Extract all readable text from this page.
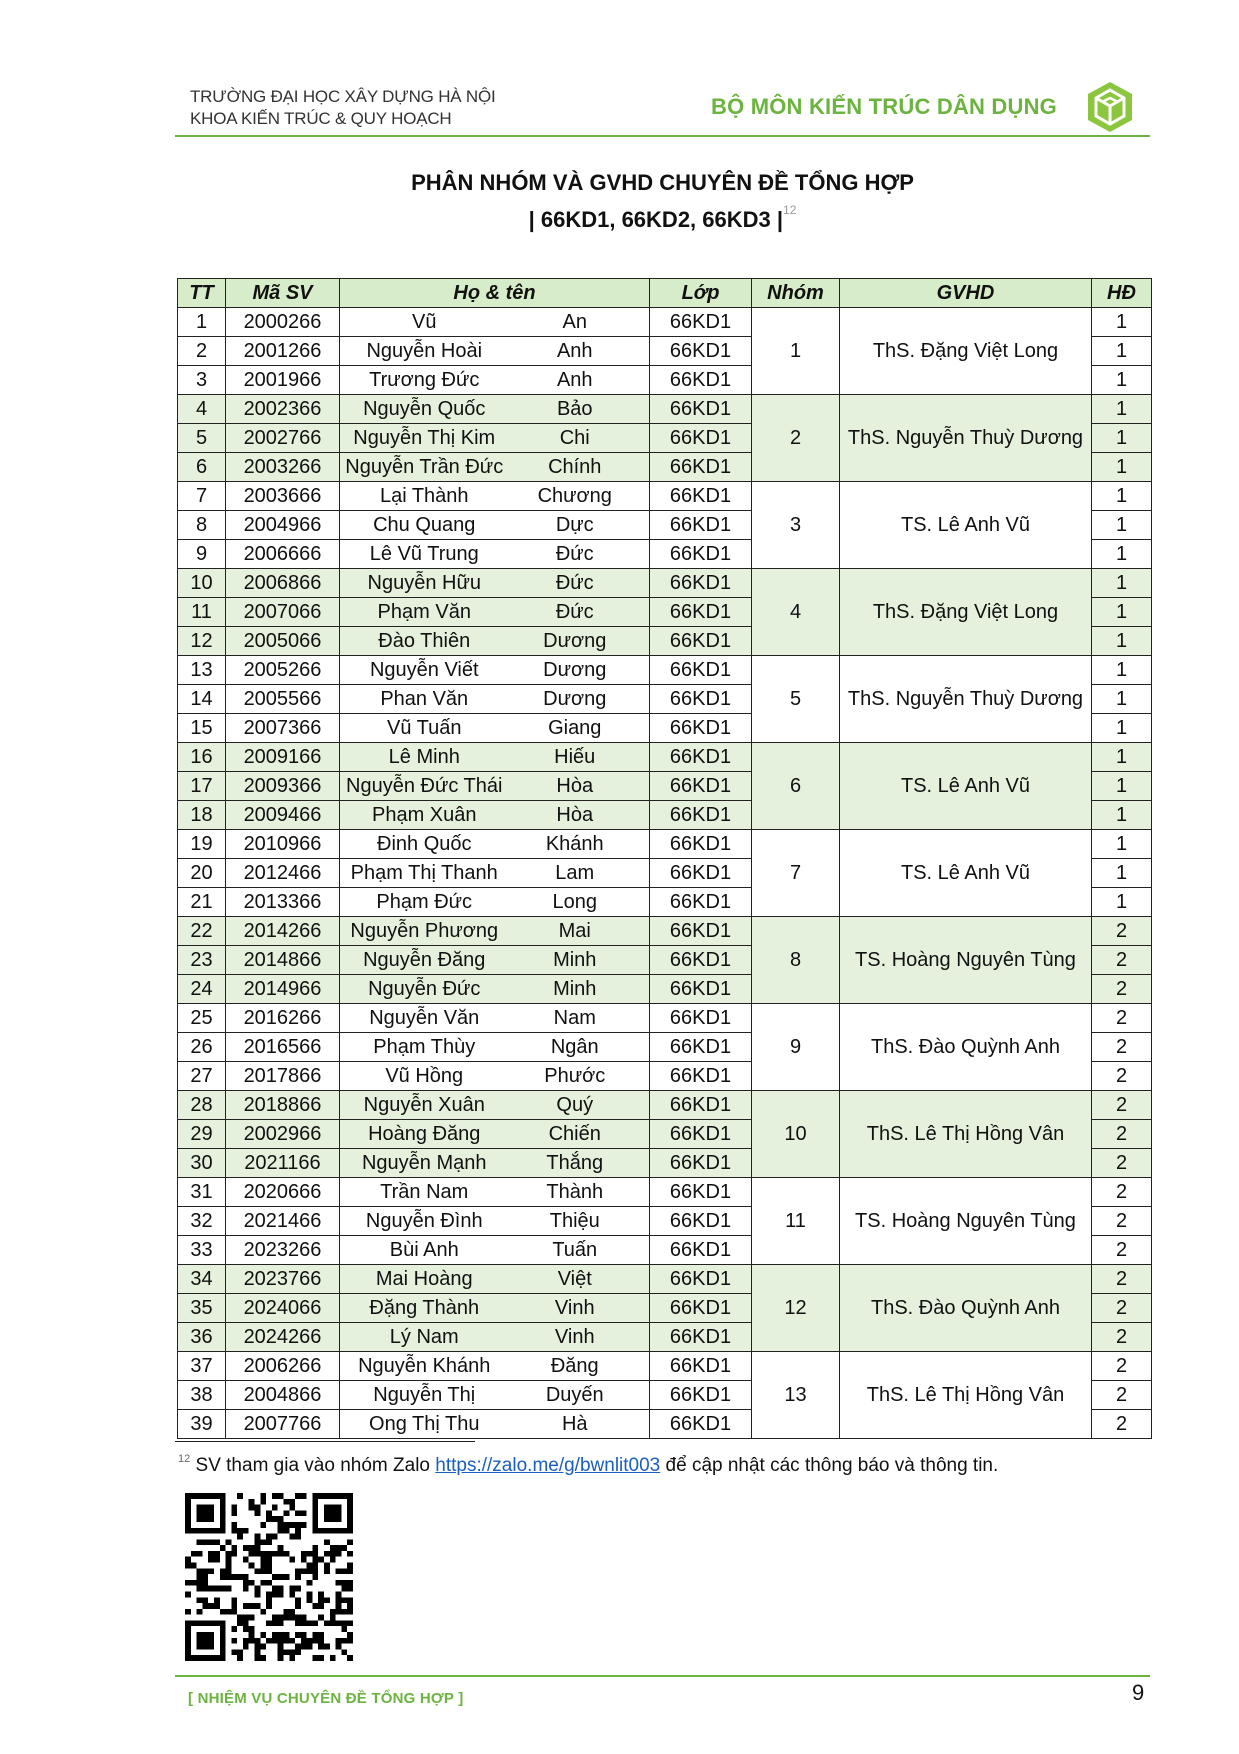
TRƯỜNG ĐẠI HỌC XÂY DỰNG HÀ NỘI
KHOA KIẾN TRÚC & QUY HOẠCH	BỘ MÔN KIẾN TRÚC DÂN DỤNG
PHÂN NHÓM VÀ GVHD CHUYÊN ĐỀ TỔNG HỢP
| 66KD1, 66KD2, 66KD3 $|^{12}$
TT	Mã SV	Họ & tên		Lớp	Nhóm	GVHD	HĐ
1	2000266	Vũ	An	66KD1	1	ThS. Đặng Việt Long	1
2	2001266	Nguyễn Hoài	Anh	66KD1			1
3	2001966	Trương Đức	Anh	66KD1			1
4	2002366	Nguyễn Quốc	Bảo	66KD1	2	ThS. Nguyễn Thuỳ Dương	1
5	2002766	Nguyễn Thị Kim	Chi	66KD1			1
6	2003266	Nguyễn Trần Đức	Chính	66KD1			1
7	2003666	Lại Thành	Chương	66KD1	3	TS. Lê Anh Vũ	1
8	2004966	Chu Quang	Dực	66KD1			1
9	2006666	Lê Vũ Trung	Đức	66KD1			1
10	2006866	Nguyễn Hữu	Đức	66KD1	4	ThS. Đặng Việt Long	1
11	2007066	Phạm Văn	Đức	66KD1			1
12	2005066	Đào Thiên	Dương	66KD1			1
13	2005266	Nguyễn Viết	Dương	66KD1	5	ThS. Nguyễn Thuỳ Dương	1
14	2005566	Phan Văn	Dương	66KD1			1
15	2007366	Vũ Tuấn	Giang	66KD1			1
16	2009166	Lê Minh	Hiếu	66KD1	6	TS. Lê Anh Vũ	1
17	2009366	Nguyễn Đức Thái	Hòa	66KD1			1
18	2009466	Phạm Xuân	Hòa	66KD1			1
19	2010966	Đinh Quốc	Khánh	66KD1	7	TS. Lê Anh Vũ	1
20	2012466	Phạm Thị Thanh	Lam	66KD1			1
21	2013366	Phạm Đức	Long	66KD1			1
22	2014266	Nguyễn Phương	Mai	66KD1	8	TS. Hoàng Nguyên Tùng	2
23	2014866	Nguyễn Đăng	Minh	66KD1			2
24	2014966	Nguyễn Đức	Minh	66KD1			2
25	2016266	Nguyễn Văn	Nam	66KD1	9	ThS. Đào Quỳnh Anh	2
26	2016566	Phạm Thùy	Ngân	66KD1			2
27	2017866	Vũ Hồng	Phước	66KD1			2
28	2018866	Nguyễn Xuân	Quý	66KD1	10	ThS. Lê Thị Hồng Vân	2
29	2002966	Hoàng Đăng	Chiến	66KD1			2
30	2021166	Nguyễn Mạnh	Thắng	66KD1			2
31	2020666	Trần Nam	Thành	66KD1	11	TS. Hoàng Nguyên Tùng	2
32	2021466	Nguyễn Đình	Thiệu	66KD1			2
33	2023266	Bùi Anh	Tuấn	66KD1			2
34	2023766	Mai Hoàng	Việt	66KD1	12	ThS. Đào Quỳnh Anh	2
35	2024066	Đặng Thành	Vinh	66KD1			2
36	2024266	Lý Nam	Vinh	66KD1			2
37	2006266	Nguyễn Khánh	Đăng	66KD1	13	ThS. Lê Thị Hồng Vân	2
38	2004866	Nguyễn Thị	Duyến	66KD1			2
39	2007766	Ong Thị Thu	Hà	66KD1			2
$^{12}$ SV tham gia vào nhóm Zalo https://zalo.me/g/bwnlit003 để cập nhật các thông báo và thông tin.
[ NHIỆM VỤ CHUYÊN ĐỀ TỔNG HỢP ]	9
